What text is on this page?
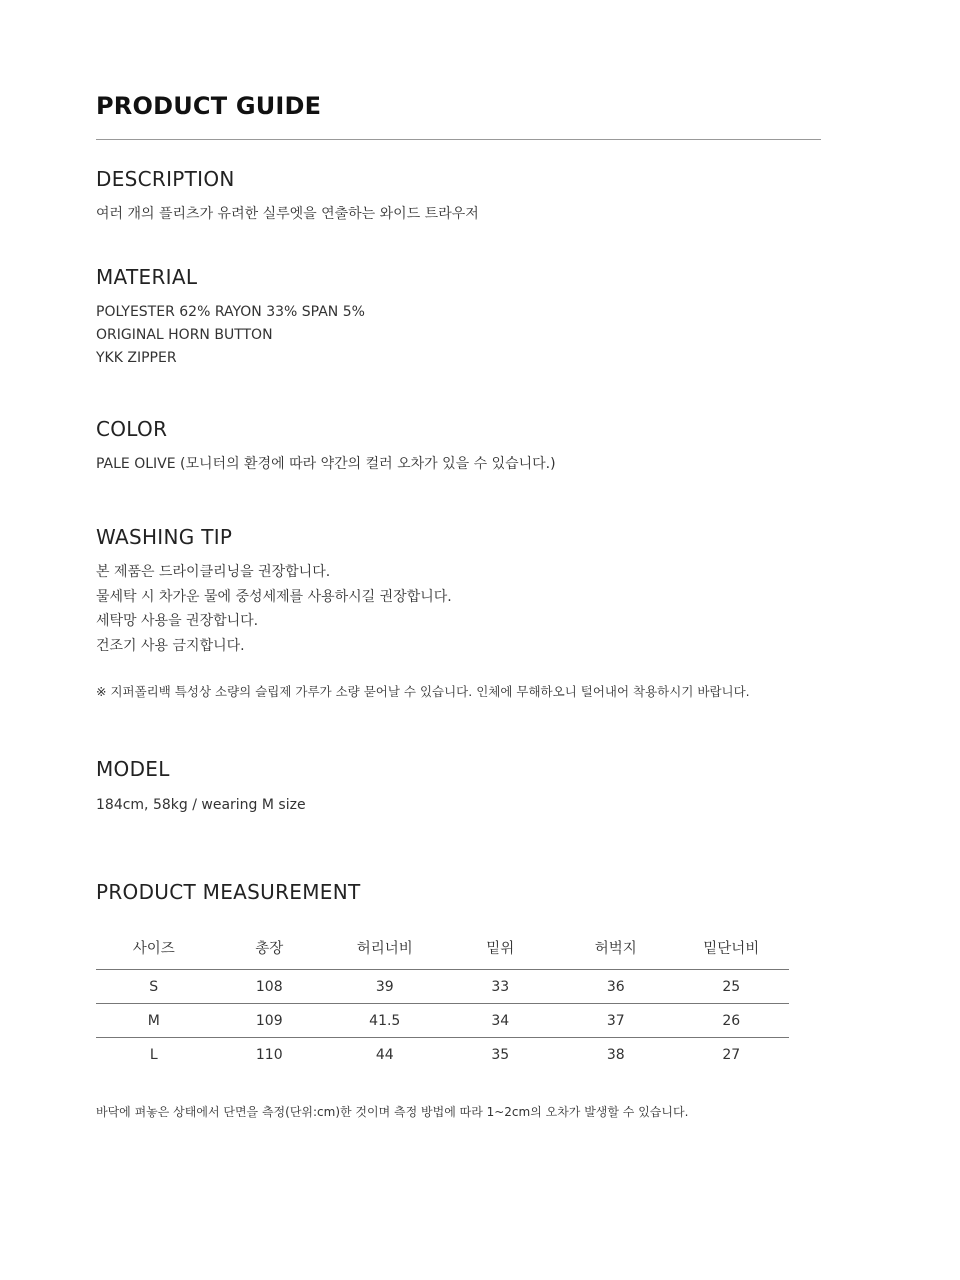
PRODUCT GUIDE
DESCRIPTION
여러 개의 플리츠가 유려한 실루엣을 연출하는 와이드 트라우저
MATERIAL
POLYESTER 62% RAYON 33% SPAN 5%
ORIGINAL HORN BUTTON
YKK ZIPPER
COLOR
PALE OLIVE (모니터의 환경에 따라 약간의 컬러 오차가 있을 수 있습니다.)
WASHING TIP
본 제품은 드라이클리닝을 권장합니다.
물세탁 시 차가운 물에 중성세제를 사용하시길 권장합니다.
세탁망 사용을 권장합니다.
건조기 사용 금지합니다.
※ 지퍼폴리백 특성상 소량의 슬립제 가루가 소량 묻어날 수 있습니다. 인체에 무해하오니 털어내어 착용하시기 바랍니다.
MODEL
184cm, 58kg / wearing M size
PRODUCT MEASUREMENT
사이즈	총장	허리너비	밑위	허벅지	밑단너비
S	108	39	33	36	25
M	109	41.5	34	37	26
L	110	44	35	38	27
바닥에 펴놓은 상태에서 단면을 측정(단위:cm)한 것이며 측정 방법에 따라 1~2cm의 오차가 발생할 수 있습니다.
